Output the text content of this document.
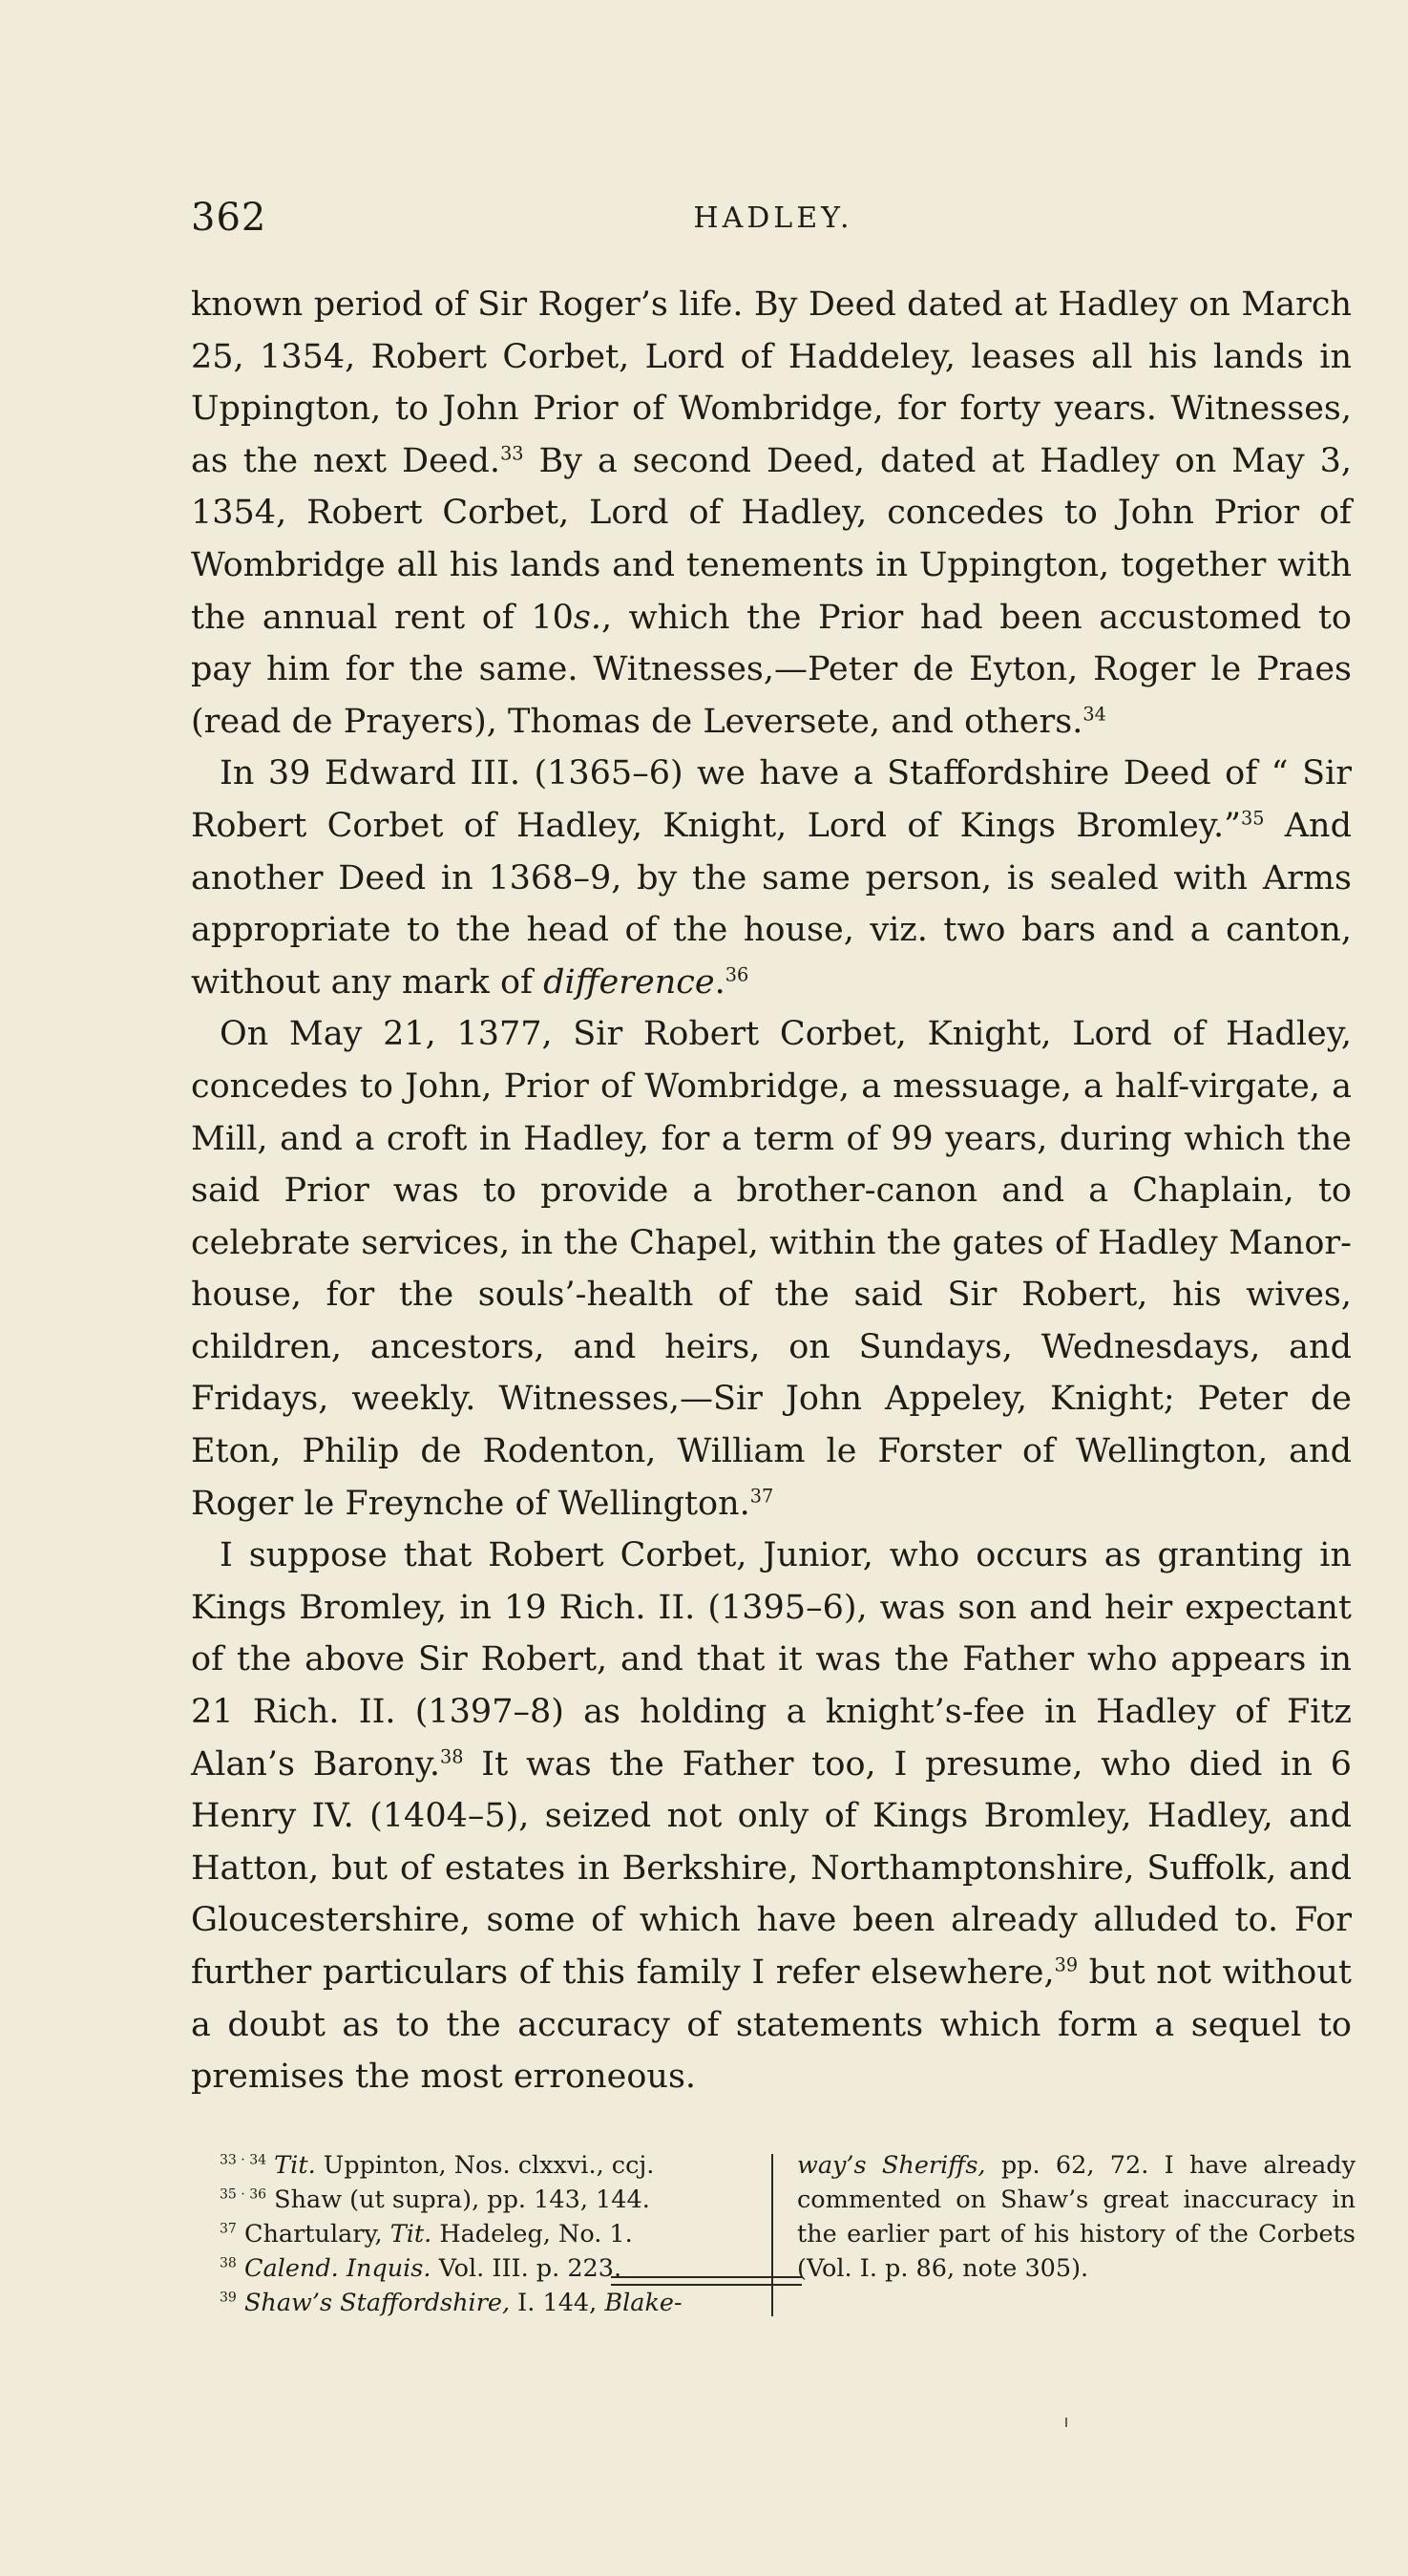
362	HADLEY.

known period of Sir Roger’s life. By Deed dated at Hadley on March 25, 1354, Robert Corbet, Lord of Haddeley, leases all his lands in Uppington, to John Prior of Wombridge, for forty years. Witnesses, as the next Deed.$^{33}$ By a second Deed, dated at Hadley on May 3, 1354, Robert Corbet, Lord of Hadley, concedes to John Prior of Wombridge all his lands and tenements in Uppington, together with the annual rent of 10s., which the Prior had been accustomed to pay him for the same. Witnesses,—Peter de Eyton, Roger le Praes (read de Prayers), Thomas de Leversete, and others.$^{34}$

In 39 Edward III. (1365–6) we have a Staffordshire Deed of “ Sir Robert Corbet of Hadley, Knight, Lord of Kings Bromley.”$^{35}$ And another Deed in 1368–9, by the same person, is sealed with Arms appropriate to the head of the house, viz. two bars and a canton, without any mark of difference.$^{36}$

On May 21, 1377, Sir Robert Corbet, Knight, Lord of Hadley, concedes to John, Prior of Wombridge, a messuage, a half-virgate, a Mill, and a croft in Hadley, for a term of 99 years, during which the said Prior was to provide a brother-canon and a Chaplain, to celebrate services, in the Chapel, within the gates of Hadley Manor-house, for the souls’-health of the said Sir Robert, his wives, children, ancestors, and heirs, on Sundays, Wednesdays, and Fridays, weekly. Witnesses,—Sir John Appeley, Knight; Peter de Eton, Philip de Rodenton, William le Forster of Wellington, and Roger le Freynche of Wellington.$^{37}$

I suppose that Robert Corbet, Junior, who occurs as granting in Kings Bromley, in 19 Rich. II. (1395–6), was son and heir expectant of the above Sir Robert, and that it was the Father who appears in 21 Rich. II. (1397–8) as holding a knight’s-fee in Hadley of Fitz Alan’s Barony.$^{38}$ It was the Father too, I presume, who died in 6 Henry IV. (1404–5), seized not only of Kings Bromley, Hadley, and Hatton, but of estates in Berkshire, Northamptonshire, Suffolk, and Gloucestershire, some of which have been already alluded to. For further particulars of this family I refer elsewhere,$^{39}$ but not without a doubt as to the accuracy of statements which form a sequel to premises the most erroneous.

$^{33 \cdot 34}$ Tit. Uppinton, Nos. clxxvi., ccj.
$^{35 \cdot 36}$ Shaw (ut supra), pp. 143, 144.
$^{37}$ Chartulary, Tit. Hadeleg, No. 1.
$^{38}$ Calend. Inquis. Vol. III. p. 223.
$^{39}$ Shaw’s Staffordshire, I. 144, Blake-
way’s Sheriffs, pp. 62, 72. I have already commented on Shaw’s great inaccuracy in the earlier part of his history of the Corbets (Vol. I. p. 86, note 305).
